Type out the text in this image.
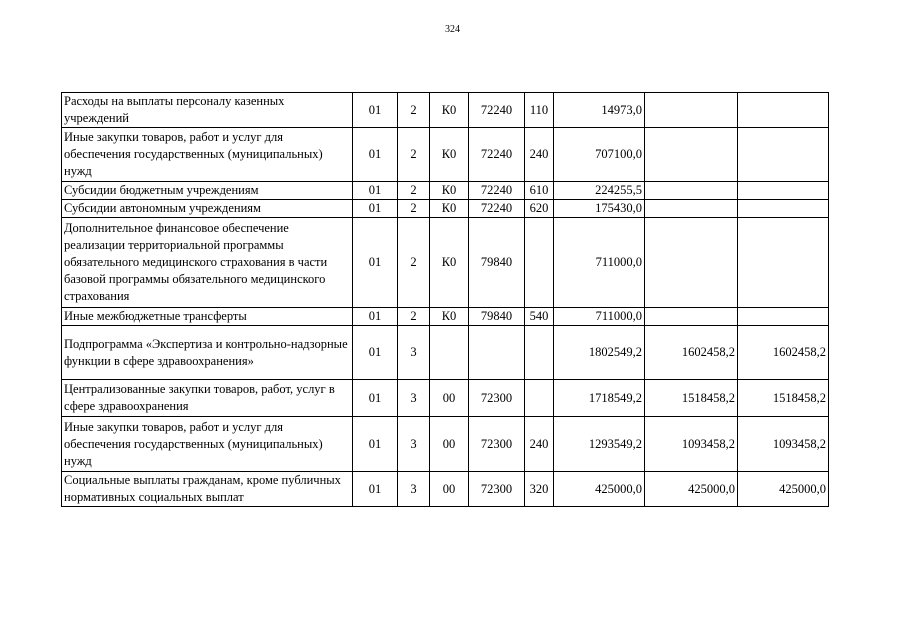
324
Расходы на выплаты персоналу казенных учреждений	01	2	К0	72240	110	14973,0		
Иные закупки товаров, работ и услуг для обеспечения государственных (муниципальных) нужд	01	2	К0	72240	240	707100,0		
Субсидии бюджетным учреждениям	01	2	К0	72240	610	224255,5		
Субсидии автономным учреждениям	01	2	К0	72240	620	175430,0		
Дополнительное финансовое обеспечение реализации территориальной программы обязательного медицинского страхования в части базовой программы обязательного медицинского страхования	01	2	К0	79840		711000,0		
Иные межбюджетные трансферты	01	2	К0	79840	540	711000,0		
Подпрограмма «Экспертиза и контрольно-надзорные функции в сфере здравоохранения»	01	3				1802549,2	1602458,2	1602458,2
Централизованные закупки товаров, работ, услуг в сфере здравоохранения	01	3	00	72300		1718549,2	1518458,2	1518458,2
Иные закупки товаров, работ и услуг для обеспечения государственных (муниципальных) нужд	01	3	00	72300	240	1293549,2	1093458,2	1093458,2
Социальные выплаты гражданам, кроме публичных нормативных социальных выплат	01	3	00	72300	320	425000,0	425000,0	425000,0
